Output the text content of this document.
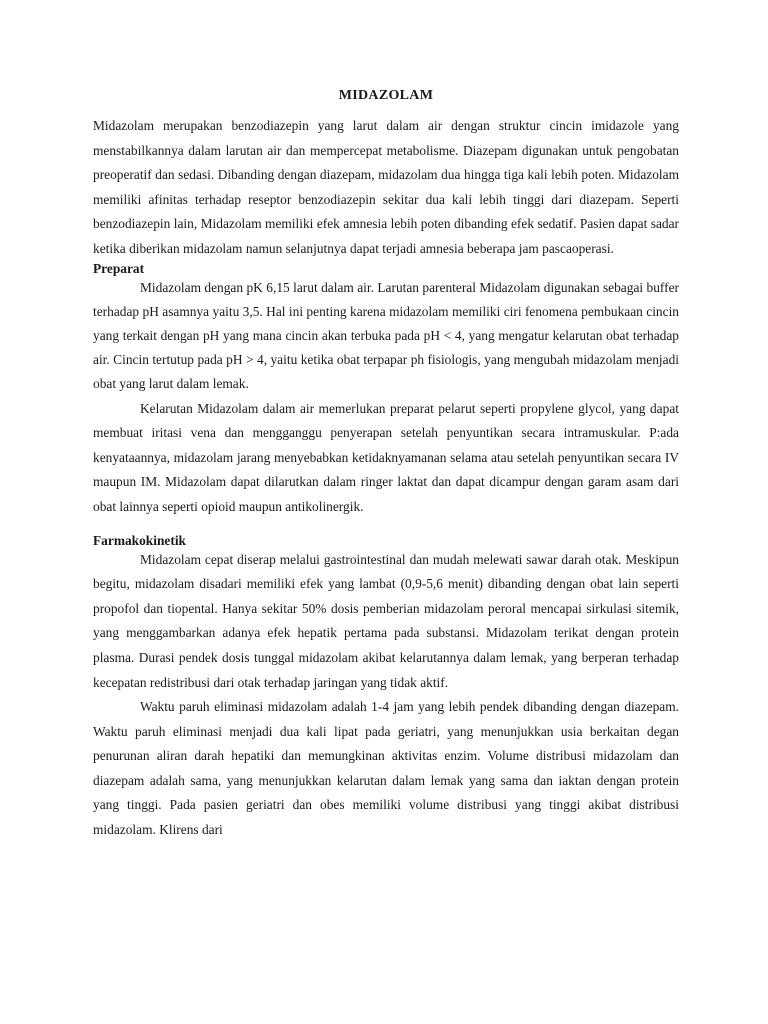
MIDAZOLAM

Midazolam merupakan benzodiazepin yang larut dalam air dengan struktur cincin imidazole yang menstabilkannya dalam larutan air dan mempercepat metabolisme. Diazepam digunakan untuk pengobatan preoperatif dan sedasi. Dibanding dengan diazepam, midazolam dua hingga tiga kali lebih poten. Midazolam memiliki afinitas terhadap reseptor benzodiazepin sekitar dua kali lebih tinggi dari diazepam. Seperti benzodiazepin lain, Midazolam memiliki efek amnesia lebih poten dibanding efek sedatif. Pasien dapat sadar ketika diberikan midazolam namun selanjutnya dapat terjadi amnesia beberapa jam pascaoperasi.

Preparat

Midazolam dengan pK 6,15 larut dalam air. Larutan parenteral Midazolam digunakan sebagai buffer terhadap pH asamnya yaitu 3,5. Hal ini penting karena midazolam memiliki ciri fenomena pembukaan cincin yang terkait dengan pH yang mana cincin akan terbuka pada pH < 4, yang mengatur kelarutan obat terhadap air. Cincin tertutup pada pH > 4, yaitu ketika obat terpapar ph fisiologis, yang mengubah midazolam menjadi obat yang larut dalam lemak.

Kelarutan Midazolam dalam air memerlukan preparat pelarut seperti propylene glycol, yang dapat membuat iritasi vena dan mengganggu penyerapan setelah penyuntikan secara intramuskular. P:ada kenyataannya, midazolam jarang menyebabkan ketidaknyamanan selama atau setelah penyuntikan secara IV maupun IM. Midazolam dapat dilarutkan dalam ringer laktat dan dapat dicampur dengan garam asam dari obat lainnya seperti opioid maupun antikolinergik.

Farmakokinetik

Midazolam cepat diserap melalui gastrointestinal dan mudah melewati sawar darah otak. Meskipun begitu, midazolam disadari memiliki efek yang lambat (0,9-5,6 menit) dibanding dengan obat lain seperti propofol dan tiopental. Hanya sekitar 50% dosis pemberian midazolam peroral mencapai sirkulasi sitemik, yang menggambarkan adanya efek hepatik pertama pada substansi. Midazolam terikat dengan protein plasma. Durasi pendek dosis tunggal midazolam akibat kelarutannya dalam lemak, yang berperan terhadap kecepatan redistribusi dari otak terhadap jaringan yang tidak aktif.

Waktu paruh eliminasi midazolam adalah 1-4 jam yang lebih pendek dibanding dengan diazepam. Waktu paruh eliminasi menjadi dua kali lipat pada geriatri, yang menunjukkan usia berkaitan degan penurunan aliran darah hepatiki dan memungkinan aktivitas enzim. Volume distribusi midazolam dan diazepam adalah sama, yang menunjukkan kelarutan dalam lemak yang sama dan iaktan dengan protein yang tinggi. Pada pasien geriatri dan obes memiliki volume distribusi yang tinggi akibat distribusi midazolam. Klirens dari
